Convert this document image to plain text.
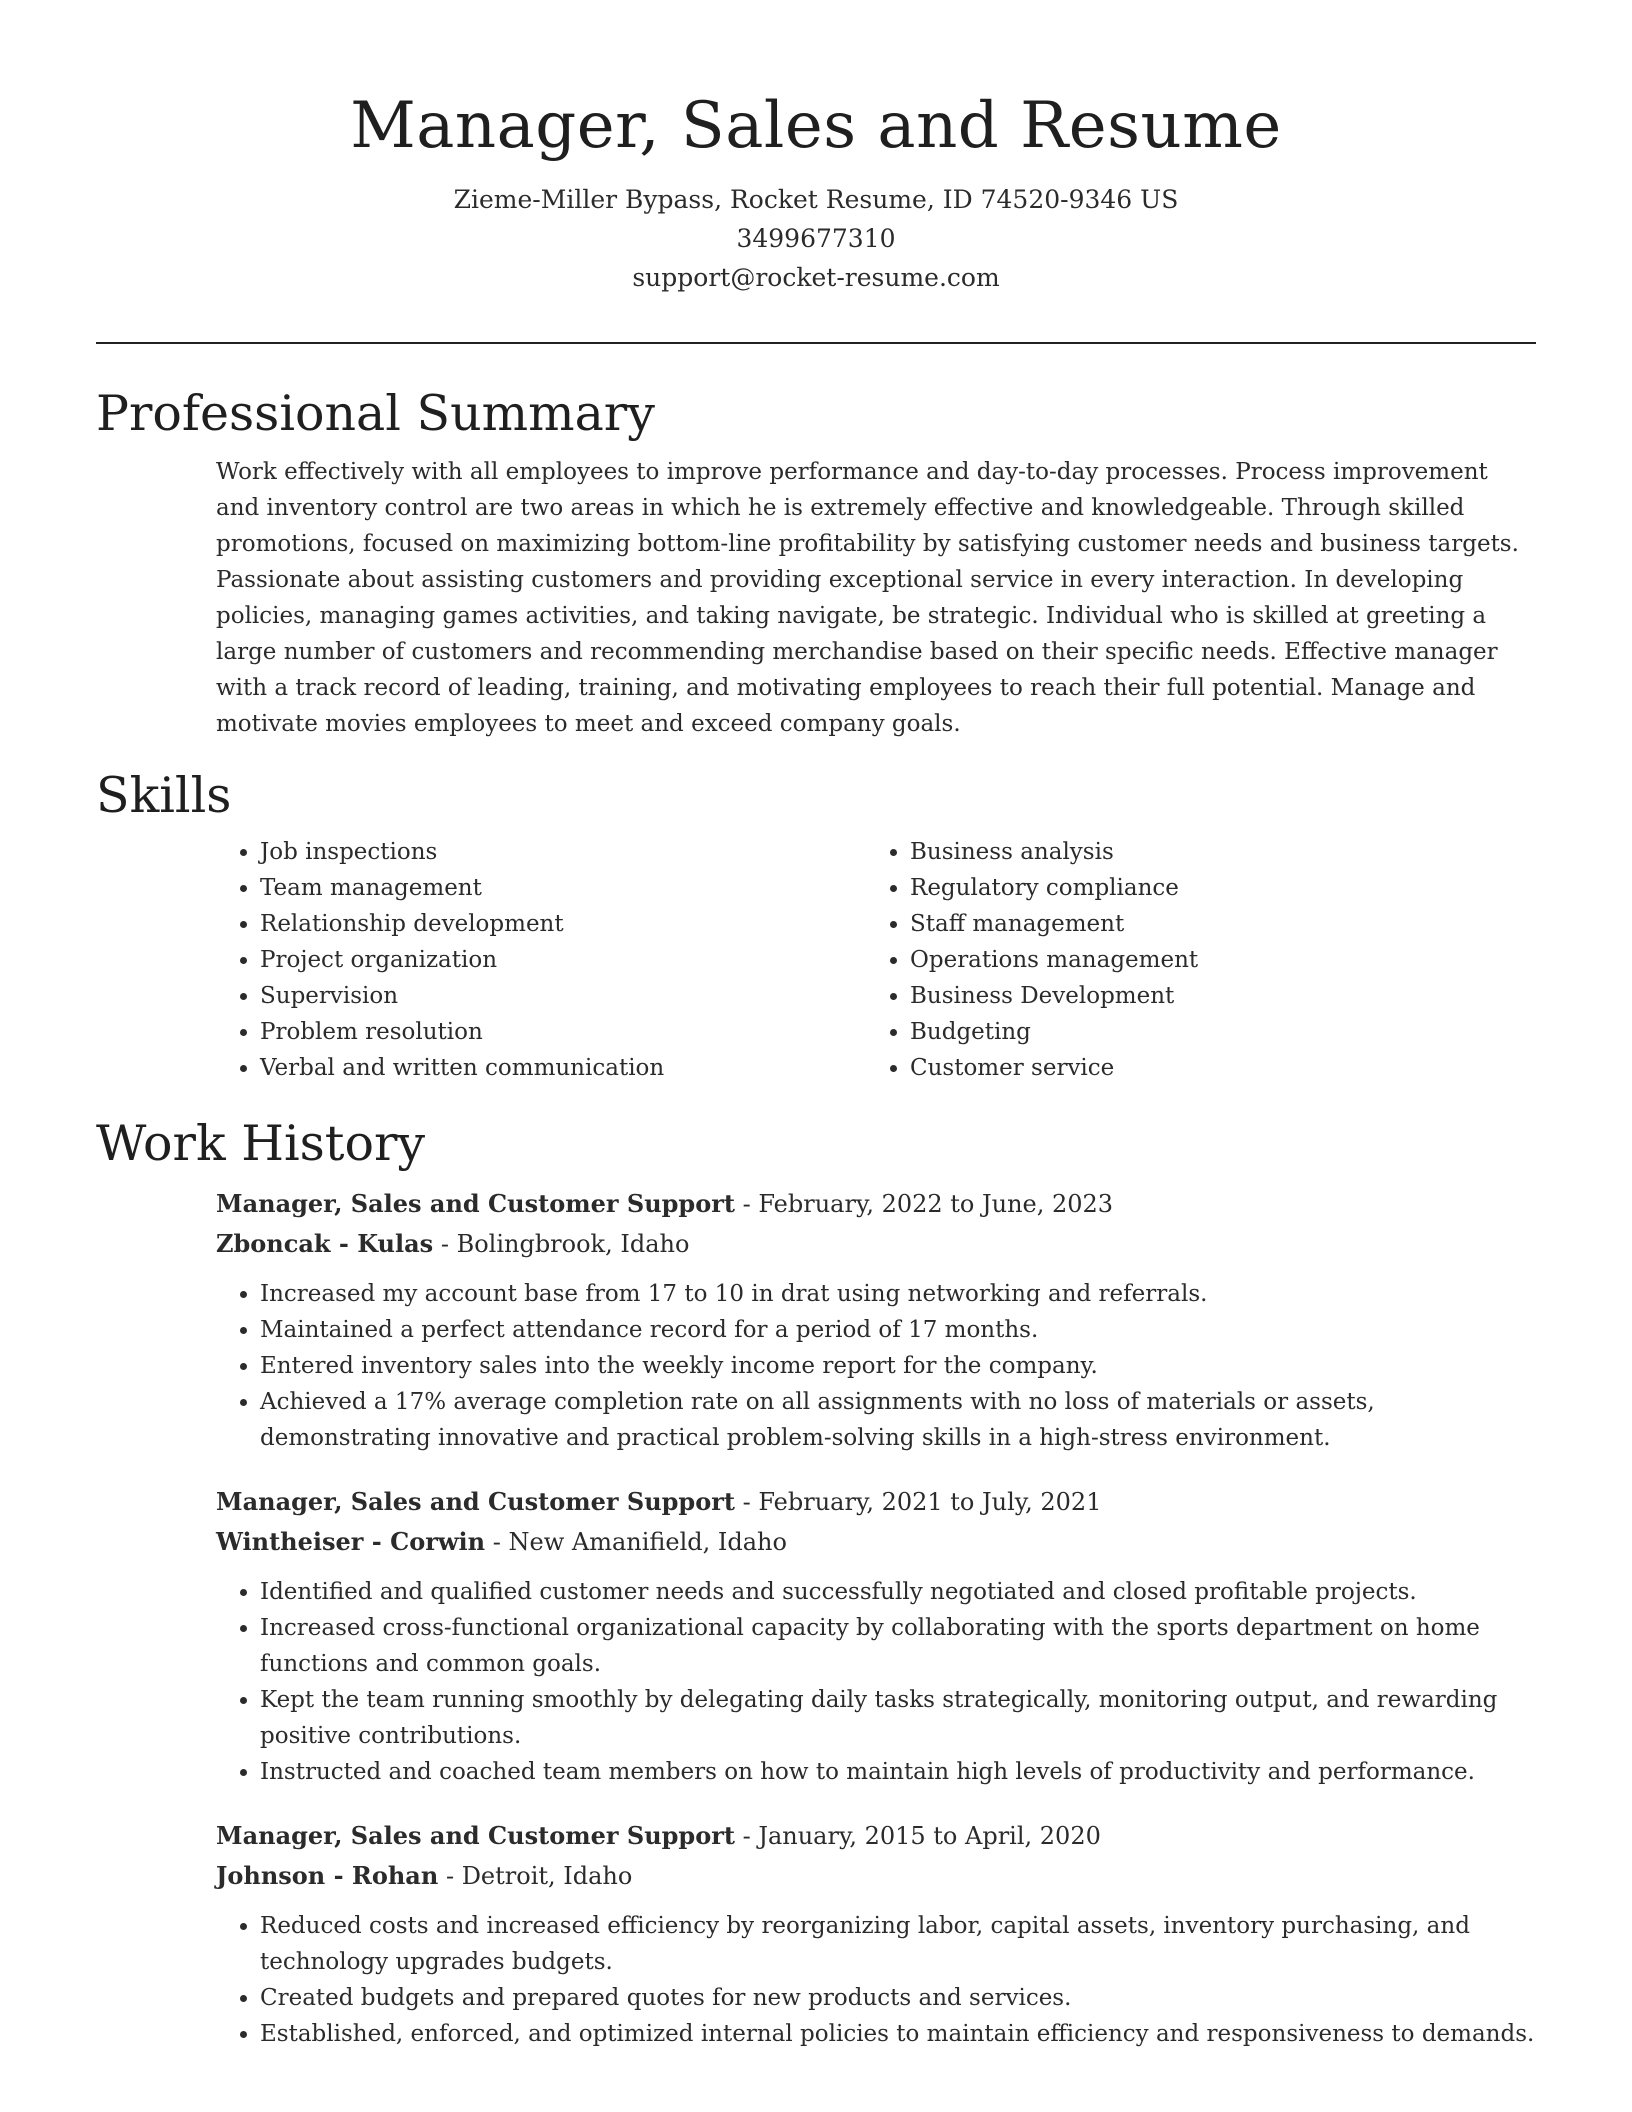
Manager, Sales and Resume
Zieme-Miller Bypass, Rocket Resume, ID 74520-9346 US
3499677310
support@rocket-resume.com
Professional Summary
Work effectively with all employees to improve performance and day-to-day processes. Process improvement and inventory control are two areas in which he is extremely effective and knowledgeable. Through skilled promotions, focused on maximizing bottom-line profitability by satisfying customer needs and business targets. Passionate about assisting customers and providing exceptional service in every interaction. In developing policies, managing games activities, and taking navigate, be strategic. Individual who is skilled at greeting a large number of customers and recommending merchandise based on their specific needs. Effective manager with a track record of leading, training, and motivating employees to reach their full potential. Manage and motivate movies employees to meet and exceed company goals.
Skills
• Job inspections
• Team management
• Relationship development
• Project organization
• Supervision
• Problem resolution
• Verbal and written communication
• Business analysis
• Regulatory compliance
• Staff management
• Operations management
• Business Development
• Budgeting
• Customer service
Work History
Manager, Sales and Customer Support - February, 2022 to June, 2023
Zboncak - Kulas - Bolingbrook, Idaho
• Increased my account base from 17 to 10 in drat using networking and referrals.
• Maintained a perfect attendance record for a period of 17 months.
• Entered inventory sales into the weekly income report for the company.
• Achieved a 17% average completion rate on all assignments with no loss of materials or assets, demonstrating innovative and practical problem-solving skills in a high-stress environment.
Manager, Sales and Customer Support - February, 2021 to July, 2021
Wintheiser - Corwin - New Amanifield, Idaho
• Identified and qualified customer needs and successfully negotiated and closed profitable projects.
• Increased cross-functional organizational capacity by collaborating with the sports department on home functions and common goals.
• Kept the team running smoothly by delegating daily tasks strategically, monitoring output, and rewarding positive contributions.
• Instructed and coached team members on how to maintain high levels of productivity and performance.
Manager, Sales and Customer Support - January, 2015 to April, 2020
Johnson - Rohan - Detroit, Idaho
• Reduced costs and increased efficiency by reorganizing labor, capital assets, inventory purchasing, and technology upgrades budgets.
• Created budgets and prepared quotes for new products and services.
• Established, enforced, and optimized internal policies to maintain efficiency and responsiveness to demands.
